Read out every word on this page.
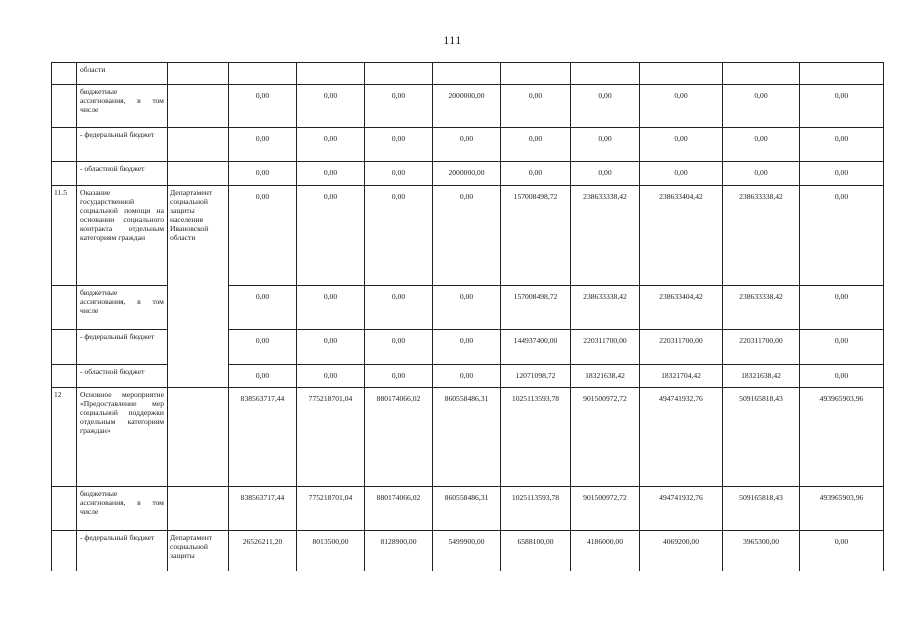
111
	области										
	бюджетные ассигнования, в том числе		0,00	0,00	0,00	2000000,00	0,00	0,00	0,00	0,00	0,00
	- федеральный бюджет		0,00	0,00	0,00	0,00	0,00	0,00	0,00	0,00	0,00
	- областной бюджет		0,00	0,00	0,00	2000000,00	0,00	0,00	0,00	0,00	0,00
11.5	Оказание государственной социальной помощи на основании социального контракта отдельным категориям граждан	Департамент социальной защиты населения Ивановской области	0,00	0,00	0,00	0,00	157008498,72	238633338,42	238633404,42	238633338,42	0,00
	бюджетные ассигнования, в том числе		0,00	0,00	0,00	0,00	157008498,72	238633338,42	238633404,42	238633338,42	0,00
	- федеральный бюджет		0,00	0,00	0,00	0,00	144937400,00	220311700,00	220311700,00	220311700,00	0,00
	- областной бюджет		0,00	0,00	0,00	0,00	12071098,72	18321638,42	18321704,42	18321638,42	0,00
12	Основное мероприятие «Предоставление мер социальной поддержки отдельным категориям граждан»		838563717,44	775218701,04	880174066,02	860558486,31	1025113593,78	901500972,72	494741932,76	509165818,43	493965903,96
	бюджетные ассигнования, в том числе		838563717,44	775218701,04	880174066,02	860558486,31	1025113593,78	901500972,72	494741932,76	509165818,43	493965903,96
	- федеральный бюджет	Департамент социальной защиты	26526211,20	8013500,00	8128900,00	5499900,00	6588100,00	4186000,00	4069200,00	3965300,00	0,00
